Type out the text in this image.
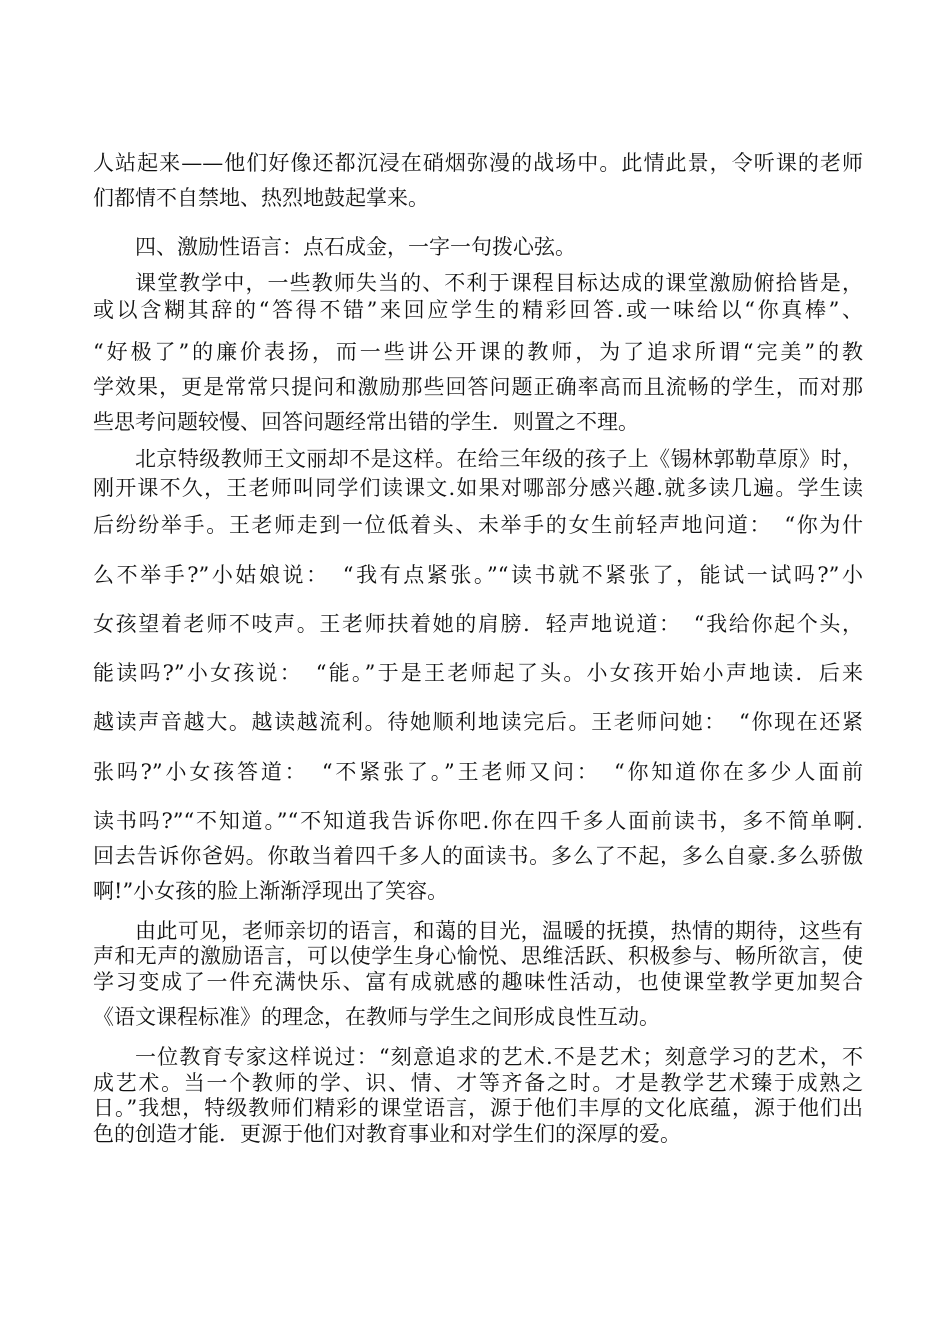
人站起来——他们好像还都沉浸在硝烟弥漫的战场中。此情此景，令听课的老师
们都情不自禁地、热烈地鼓起掌来。
四、激励性语言：点石成金，一字一句拨心弦。
课堂教学中，一些教师失当的、不利于课程目标达成的课堂激励俯拾皆是，
或以含糊其辞的“答得不错”来回应学生的精彩回答.或一味给以“你真棒”、
“好极了”的廉价表扬，而一些讲公开课的教师，为了追求所谓“完美”的教
学效果，更是常常只提问和激励那些回答问题正确率高而且流畅的学生，而对那
些思考问题较慢、回答问题经常出错的学生．则置之不理。
北京特级教师王文丽却不是这样。在给三年级的孩子上《锡林郭勒草原》时，
刚开课不久，王老师叫同学们读课文.如果对哪部分感兴趣.就多读几遍。学生读
后纷纷举手。王老师走到一位低着头、未举手的女生前轻声地问道：　“你为什
么不举手?”小姑娘说：　“我有点紧张。”“读书就不紧张了，能试一试吗?”小
女孩望着老师不吱声。王老师扶着她的肩膀．轻声地说道：　“我给你起个头，
能读吗?”小女孩说：　“能。”于是王老师起了头。小女孩开始小声地读．后来
越读声音越大。越读越流利。待她顺利地读完后。王老师问她：　“你现在还紧
张吗?”小女孩答道：　“不紧张了。”王老师又问：　“你知道你在多少人面前
读书吗?”“不知道。”“不知道我告诉你吧.你在四千多人面前读书，多不简单啊.
回去告诉你爸妈。你敢当着四千多人的面读书。多么了不起，多么自豪.多么骄傲
啊!”小女孩的脸上渐渐浮现出了笑容。
由此可见，老师亲切的语言，和蔼的目光，温暖的抚摸，热情的期待，这些有
声和无声的激励语言，可以使学生身心愉悦、思维活跃、积极参与、畅所欲言，使
学习变成了一件充满快乐、富有成就感的趣味性活动，也使课堂教学更加契合
《语文课程标准》的理念，在教师与学生之间形成良性互动。
一位教育专家这样说过：“刻意追求的艺术.不是艺术；刻意学习的艺术，不
成艺术。当一个教师的学、识、情、才等齐备之时。才是教学艺术臻于成熟之
日。”我想，特级教师们精彩的课堂语言，源于他们丰厚的文化底蕴，源于他们出
色的创造才能．更源于他们对教育事业和对学生们的深厚的爱。
